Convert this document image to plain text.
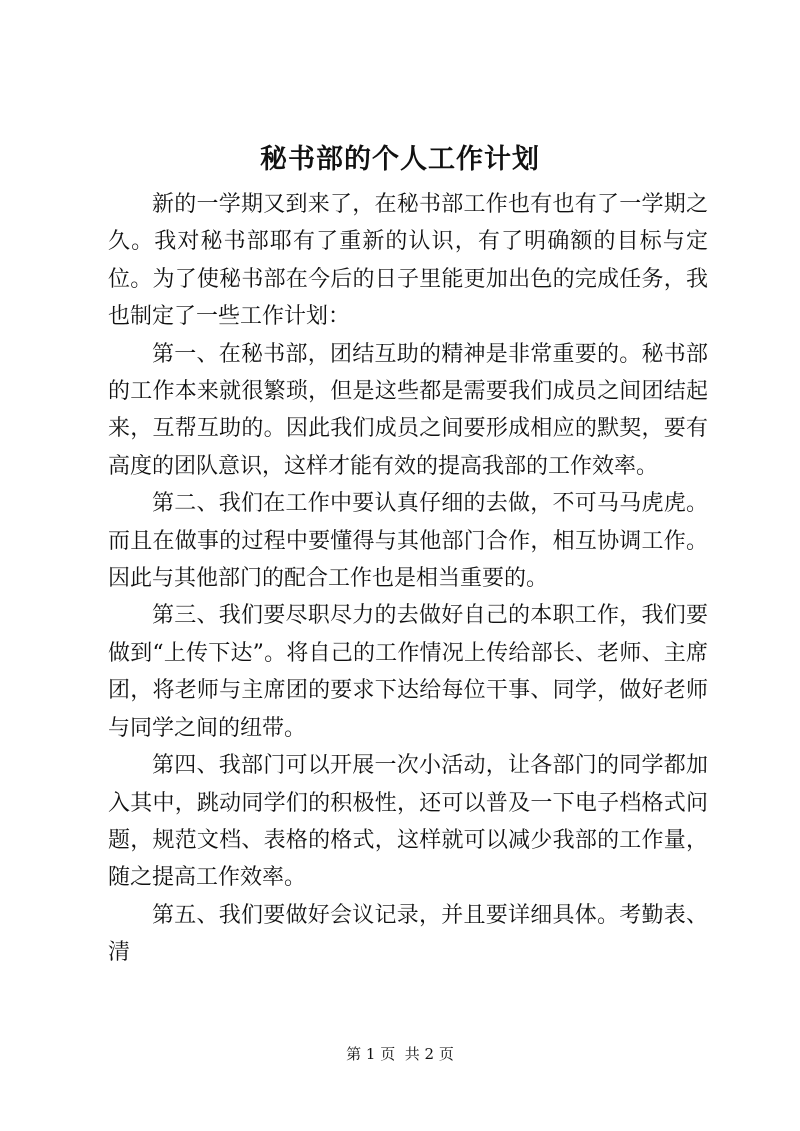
秘书部的个人工作计划

新的一学期又到来了，在秘书部工作也有也有了一学期之久。我对秘书部耶有了重新的认识，有了明确额的目标与定位。为了使秘书部在今后的日子里能更加出色的完成任务，我也制定了一些工作计划：

第一、在秘书部，团结互助的精神是非常重要的。秘书部的工作本来就很繁琐，但是这些都是需要我们成员之间团结起来，互帮互助的。因此我们成员之间要形成相应的默契，要有高度的团队意识，这样才能有效的提高我部的工作效率。

第二、我们在工作中要认真仔细的去做，不可马马虎虎。而且在做事的过程中要懂得与其他部门合作，相互协调工作。因此与其他部门的配合工作也是相当重要的。

第三、我们要尽职尽力的去做好自己的本职工作，我们要做到“上传下达”。将自己的工作情况上传给部长、老师、主席团，将老师与主席团的要求下达给每位干事、同学，做好老师与同学之间的纽带。

第四、我部门可以开展一次小活动，让各部门的同学都加入其中，跳动同学们的积极性，还可以普及一下电子档格式问题，规范文档、表格的格式，这样就可以减少我部的工作量，随之提高工作效率。

第五、我们要做好会议记录，并且要详细具体。考勤表、清

第 1 页  共 2 页
